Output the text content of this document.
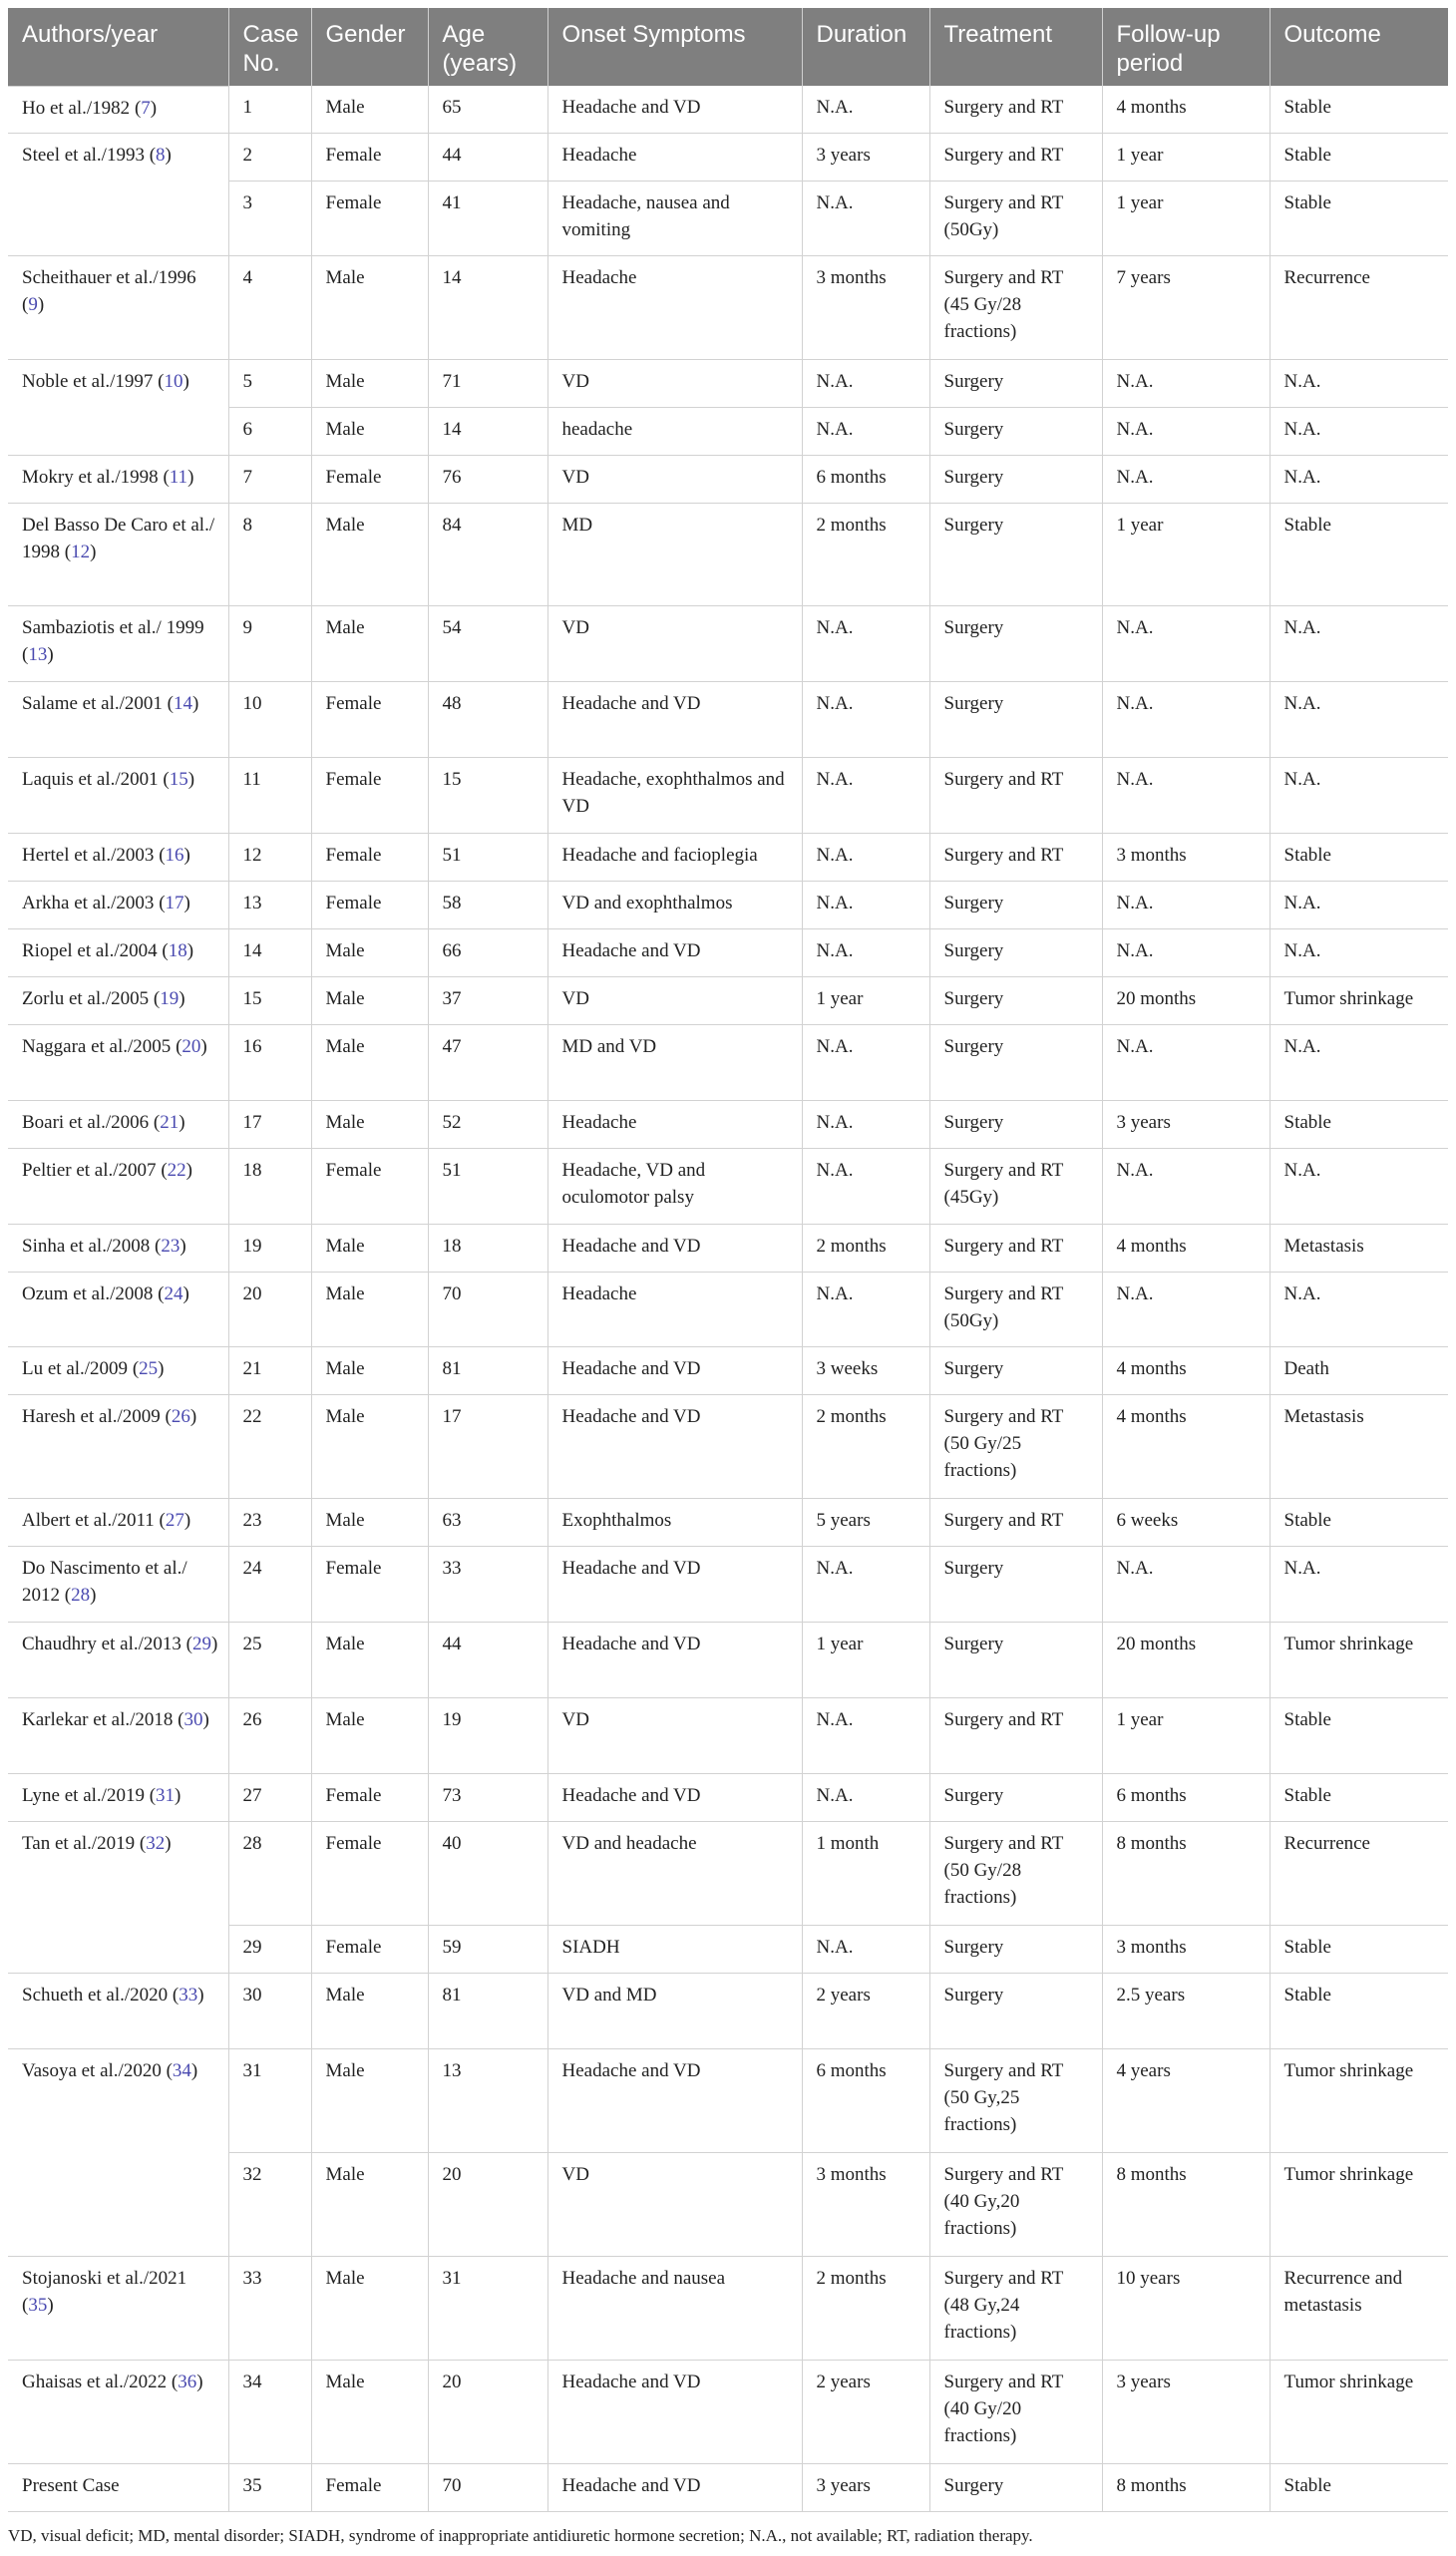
Authors/year	Case No.	Gender	Age (years)	Onset Symptoms	Duration	Treatment	Follow-up period	Outcome
Ho et al./1982 (7)	1	Male	65	Headache and VD	N.A.	Surgery and RT	4 months	Stable
Steel et al./1993 (8)	2	Female	44	Headache	3 years	Surgery and RT	1 year	Stable
	3	Female	41	Headache, nausea and vomiting	N.A.	Surgery and RT (50Gy)	1 year	Stable
Scheithauer et al./1996 (9)	4	Male	14	Headache	3 months	Surgery and RT (45 Gy/28 fractions)	7 years	Recurrence
Noble et al./1997 (10)	5	Male	71	VD	N.A.	Surgery	N.A.	N.A.
	6	Male	14	headache	N.A.	Surgery	N.A.	N.A.
Mokry et al./1998 (11)	7	Female	76	VD	6 months	Surgery	N.A.	N.A.
Del Basso De Caro et al./ 1998 (12)	8	Male	84	MD	2 months	Surgery	1 year	Stable
Sambaziotis et al./ 1999 (13)	9	Male	54	VD	N.A.	Surgery	N.A.	N.A.
Salame et al./2001 (14)	10	Female	48	Headache and VD	N.A.	Surgery	N.A.	N.A.
Laquis et al./2001 (15)	11	Female	15	Headache, exophthalmos and VD	N.A.	Surgery and RT	N.A.	N.A.
Hertel et al./2003 (16)	12	Female	51	Headache and facioplegia	N.A.	Surgery and RT	3 months	Stable
Arkha et al./2003 (17)	13	Female	58	VD and exophthalmos	N.A.	Surgery	N.A.	N.A.
Riopel et al./2004 (18)	14	Male	66	Headache and VD	N.A.	Surgery	N.A.	N.A.
Zorlu et al./2005 (19)	15	Male	37	VD	1 year	Surgery	20 months	Tumor shrinkage
Naggara et al./2005 (20)	16	Male	47	MD and VD	N.A.	Surgery	N.A.	N.A.
Boari et al./2006 (21)	17	Male	52	Headache	N.A.	Surgery	3 years	Stable
Peltier et al./2007 (22)	18	Female	51	Headache, VD and oculomotor palsy	N.A.	Surgery and RT (45Gy)	N.A.	N.A.
Sinha et al./2008 (23)	19	Male	18	Headache and VD	2 months	Surgery and RT	4 months	Metastasis
Ozum et al./2008 (24)	20	Male	70	Headache	N.A.	Surgery and RT (50Gy)	N.A.	N.A.
Lu et al./2009 (25)	21	Male	81	Headache and VD	3 weeks	Surgery	4 months	Death
Haresh et al./2009 (26)	22	Male	17	Headache and VD	2 months	Surgery and RT (50 Gy/25 fractions)	4 months	Metastasis
Albert et al./2011 (27)	23	Male	63	Exophthalmos	5 years	Surgery and RT	6 weeks	Stable
Do Nascimento et al./ 2012 (28)	24	Female	33	Headache and VD	N.A.	Surgery	N.A.	N.A.
Chaudhry et al./2013 (29)	25	Male	44	Headache and VD	1 year	Surgery	20 months	Tumor shrinkage
Karlekar et al./2018 (30)	26	Male	19	VD	N.A.	Surgery and RT	1 year	Stable
Lyne et al./2019 (31)	27	Female	73	Headache and VD	N.A.	Surgery	6 months	Stable
Tan et al./2019 (32)	28	Female	40	VD and headache	1 month	Surgery and RT (50 Gy/28 fractions)	8 months	Recurrence
	29	Female	59	SIADH	N.A.	Surgery	3 months	Stable
Schueth et al./2020 (33)	30	Male	81	VD and MD	2 years	Surgery	2.5 years	Stable
Vasoya et al./2020 (34)	31	Male	13	Headache and VD	6 months	Surgery and RT (50 Gy,25 fractions)	4 years	Tumor shrinkage
	32	Male	20	VD	3 months	Surgery and RT (40 Gy,20 fractions)	8 months	Tumor shrinkage
Stojanoski et al./2021 (35)	33	Male	31	Headache and nausea	2 months	Surgery and RT (48 Gy,24 fractions)	10 years	Recurrence and metastasis
Ghaisas et al./2022 (36)	34	Male	20	Headache and VD	2 years	Surgery and RT (40 Gy/20 fractions)	3 years	Tumor shrinkage
Present Case	35	Female	70	Headache and VD	3 years	Surgery	8 months	Stable
VD, visual deficit; MD, mental disorder; SIADH, syndrome of inappropriate antidiuretic hormone secretion; N.A., not available; RT, radiation therapy.
